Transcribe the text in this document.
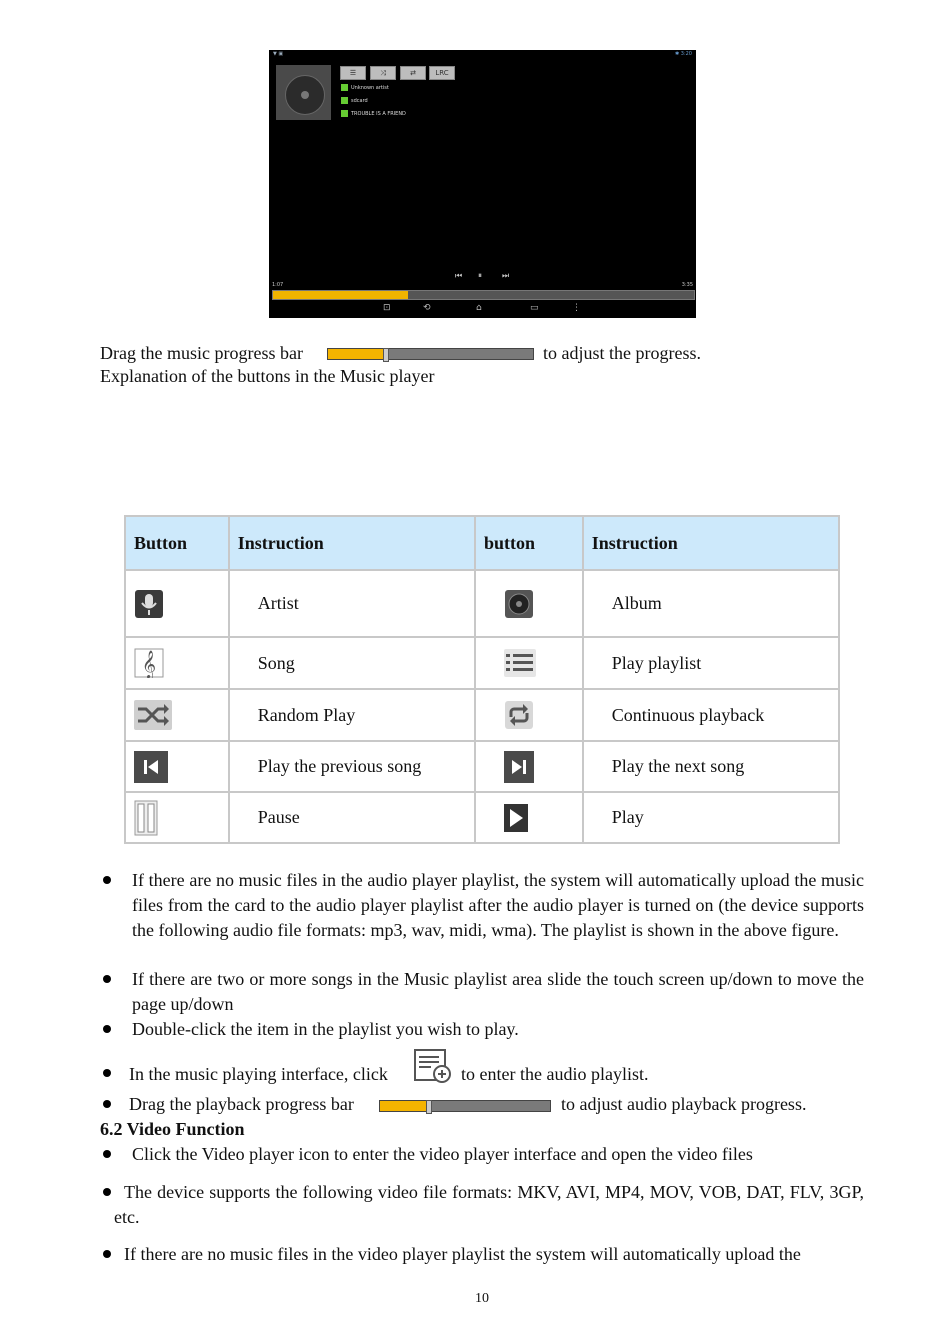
▼ ▣	✱ 3:20
☰	⤨	⇄	LRC
Unknown artist
sdcard
TROUBLE IS A FRIEND
⏮ ⏸	⏭
1:07	3:35
⊡	⟲	⌂	▭	⋮
Drag the music progress bar	to adjust the progress.
Explanation of the buttons in the Music player
Button	Instruction	button	Instruction
	Artist		Album

𝄞	Song		Play playlist
	Random Play		Continuous playback
	Play the previous song		Play the next song
	Pause		Play
If there are no music files in the audio player playlist, the system will automatically upload the music files from the card to the audio player playlist after the audio player is turned on (the device supports the following audio file formats: mp3, wav, midi, wma). The playlist is shown in the above figure.
If there are two or more songs in the Music playlist area slide the touch screen up/down to move the page up/down
Double-click the item in the playlist you wish to play.
In the music playing interface, click	to enter the audio playlist.
Drag the playback progress bar	to adjust audio playback progress.
6.2 Video Function
Click the Video player icon to enter the video player interface and open the video files
The device supports the following video file formats: MKV, AVI, MP4, MOV, VOB, DAT, FLV, 3GP, etc.
If there are no music files in the video player playlist the system will automatically upload the
10
